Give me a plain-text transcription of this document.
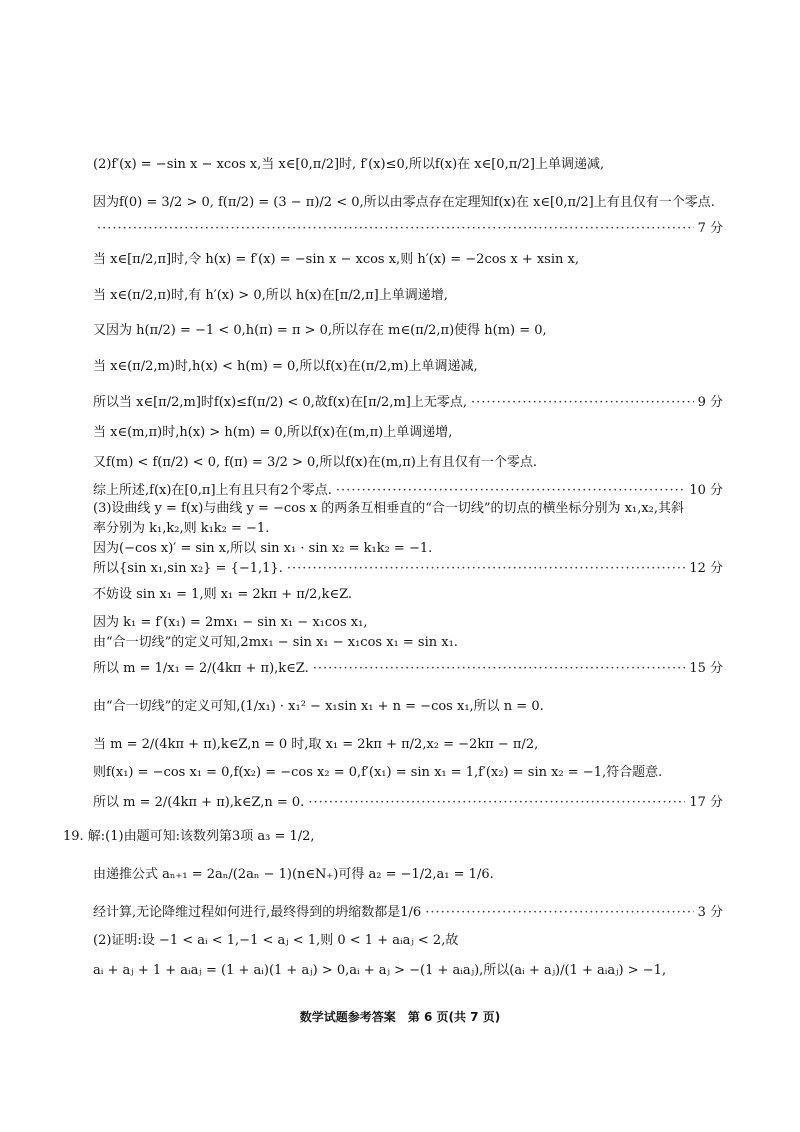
(2)f′(x) = −sin x − xcos x,当 x∈[0,π/2]时, f′(x)≤0,所以f(x)在 x∈[0,π/2]上单调递减,
因为f(0) = 3/2 > 0, f(π/2) = (3 − π)/2 < 0,所以由零点存在定理知f(x)在 x∈[0,π/2]上有且仅有一个零点.
·····
7 分
当 x∈[π/2,π]时,令 h(x) = f′(x) = −sin x − xcos x,则 h′(x) = −2cos x + xsin x,
当 x∈(π/2,π)时,有 h′(x) > 0,所以 h(x)在[π/2,π]上单调递增,
又因为 h(π/2) = −1 < 0,h(π) = π > 0,所以存在 m∈(π/2,π)使得 h(m) = 0,
当 x∈(π/2,m)时,h(x) < h(m) = 0,所以f(x)在(π/2,m)上单调递减,
所以当 x∈[π/2,m]时f(x)≤f(π/2) < 0,故f(x)在[π/2,m]上无零点, ·····	9 分
当 x∈(m,π)时,h(x) > h(m) = 0,所以f(x)在(m,π)上单调递增,
又f(m) < f(π/2) < 0, f(π) = 3/2 > 0,所以f(x)在(m,π)上有且仅有一个零点.
综上所述,f(x)在[0,π]上有且只有2个零点. ·····	10 分
(3)设曲线 y = f(x)与曲线 y = −cos x 的两条互相垂直的“合一切线”的切点的横坐标分别为 x₁,x₂,其斜
率分别为 k₁,k₂,则 k₁k₂ = −1.
因为(−cos x)′ = sin x,所以 sin x₁ · sin x₂ = k₁k₂ = −1.
所以{sin x₁,sin x₂} = {−1,1}. ·····	12 分
不妨设 sin x₁ = 1,则 x₁ = 2kπ + π/2,k∈Z.
因为 k₁ = f′(x₁) = 2mx₁ − sin x₁ − x₁cos x₁,
由“合一切线”的定义可知,2mx₁ − sin x₁ − x₁cos x₁ = sin x₁.
所以 m = 1/x₁ = 2/(4kπ + π),k∈Z. ·····	15 分
由“合一切线”的定义可知,(1/x₁) · x₁² − x₁sin x₁ + n = −cos x₁,所以 n = 0.
当 m = 2/(4kπ + π),k∈Z,n = 0 时,取 x₁ = 2kπ + π/2,x₂ = −2kπ − π/2,
则f(x₁) = −cos x₁ = 0,f(x₂) = −cos x₂ = 0,f′(x₁) = sin x₁ = 1,f′(x₂) = sin x₂ = −1,符合题意.
所以 m = 2/(4kπ + π),k∈Z,n = 0. ·····	17 分
19. 解:(1)由题可知:该数列第3项 a₃ = 1/2,
由递推公式 aₙ₊₁ = 2aₙ/(2aₙ − 1)(n∈N₊)可得 a₂ = −1/2,a₁ = 1/6.
经计算,无论降维过程如何进行,最终得到的坍缩数都是1/6 ·····	3 分
(2)证明:设 −1 < aᵢ < 1,−1 < aⱼ < 1,则 0 < 1 + aᵢaⱼ < 2,故
aᵢ + aⱼ + 1 + aᵢaⱼ = (1 + aᵢ)(1 + aⱼ) > 0,aᵢ + aⱼ > −(1 + aᵢaⱼ),所以(aᵢ + aⱼ)/(1 + aᵢaⱼ) > −1,
数学试题参考答案　第 6 页(共 7 页)
